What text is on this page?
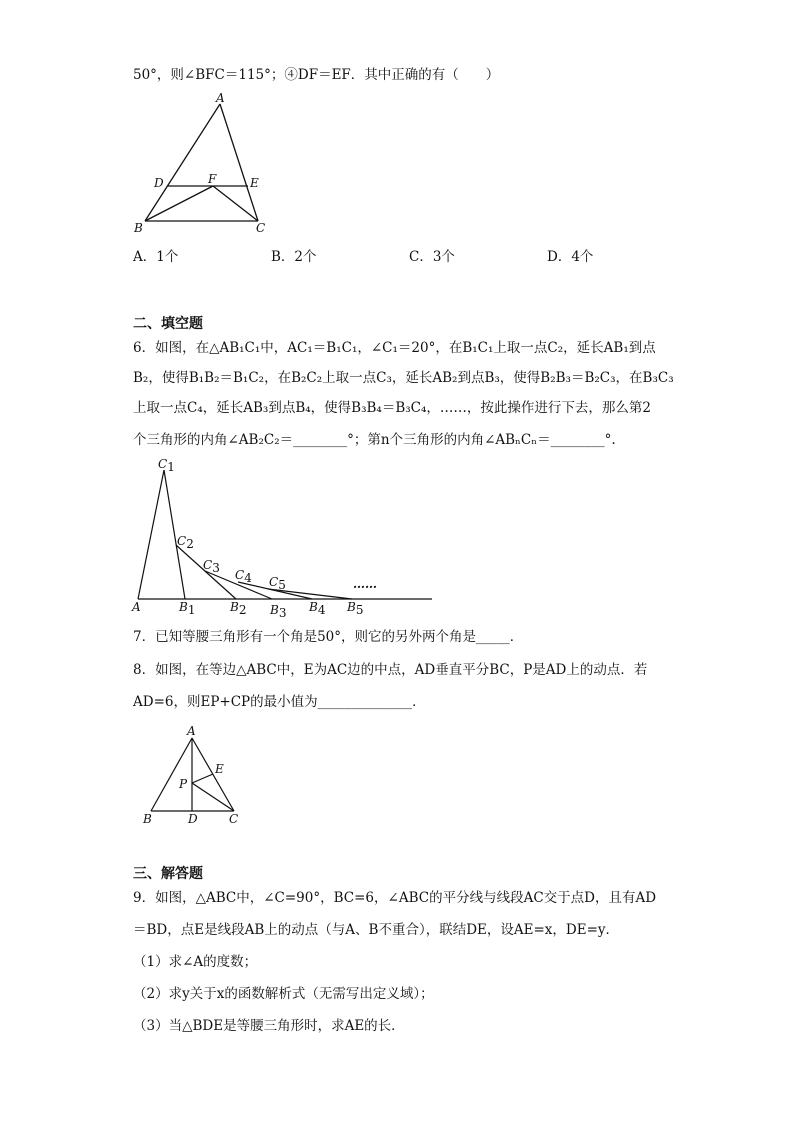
50°，则∠BFC＝115°；④DF＝EF．其中正确的有（　　）
A
D	F	E
B	C
A．1个	B．2个	C．3个	D．4个
二、填空题
6．如图，在△AB₁C₁中，AC₁＝B₁C₁，∠C₁＝20°，在B₁C₁上取一点C₂，延长AB₁到点
B₂，使得B₁B₂＝B₁C₂，在B₂C₂上取一点C₃，延长AB₂到点B₃，使得B₂B₃＝B₂C₃，在B₃C₃
上取一点C₄，延长AB₃到点B₄，使得B₃B₄＝B₃C₄，……，按此操作进行下去，那么第2
个三角形的内角∠AB₂C₂＝________°；第n个三角形的内角∠ABₙCₙ＝________°.
C1
C2
C3 C4 C5	……
A	B1	B2 B3 B4 B5
7．已知等腰三角形有一个角是50°，则它的另外两个角是_____．
8．如图，在等边△ABC中，E为AC边的中点，AD垂直平分BC，P是AD上的动点．若
AD=6，则EP+CP的最小值为______________．
A
E
P
B	D	C
三、解答题
9．如图，△ABC中，∠C=90°，BC=6，∠ABC的平分线与线段AC交于点D，且有AD
＝BD，点E是线段AB上的动点（与A、B不重合），联结DE，设AE=x，DE=y．
（1）求∠A的度数；
（2）求y关于x的函数解析式（无需写出定义域）；
（3）当△BDE是等腰三角形时，求AE的长．
